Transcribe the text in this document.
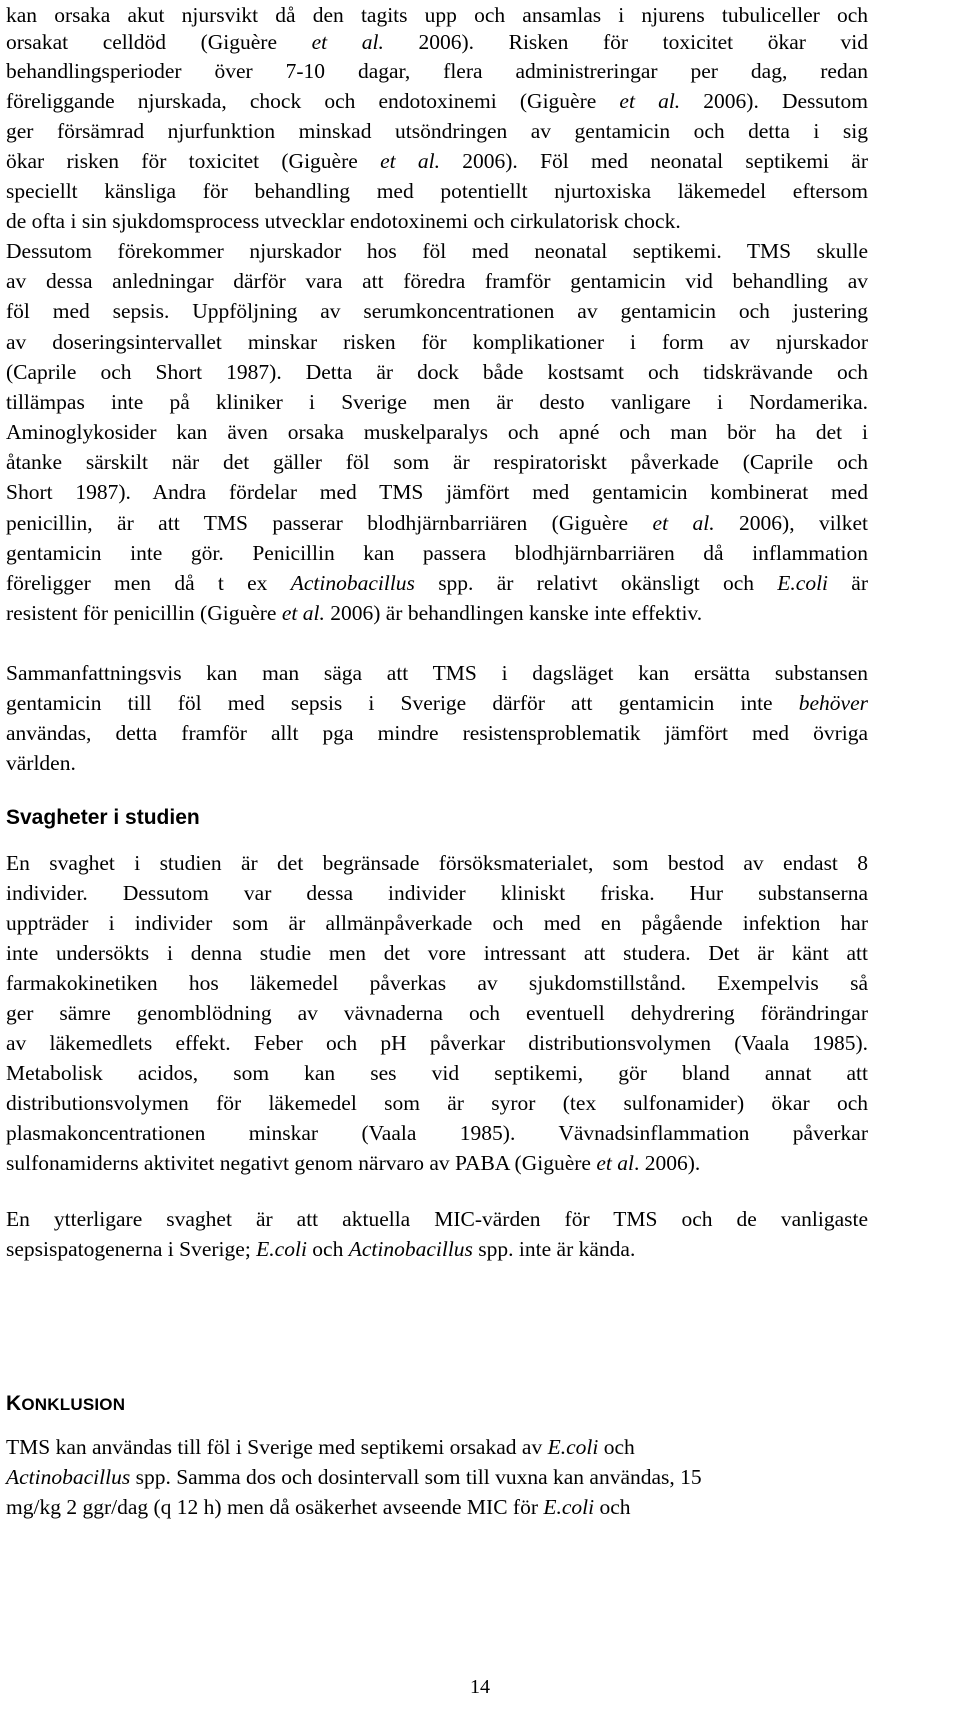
kan orsaka akut njursvikt då den tagits upp och ansamlas i njurens tubuliceller och

orsakat celldöd (Giguère et al. 2006). Risken för toxicitet ökar vid

behandlingsperioder över 7-10 dagar, flera administreringar per dag, redan

föreliggande njurskada, chock och endotoxinemi (Giguère et al. 2006). Dessutom

ger försämrad njurfunktion minskad utsöndringen av gentamicin och detta i sig

ökar risken för toxicitet (Giguère et al. 2006). Föl med neonatal septikemi är

speciellt känsliga för behandling med potentiellt njurtoxiska läkemedel eftersom

de ofta i sin sjukdomsprocess utvecklar endotoxinemi och cirkulatorisk chock.

Dessutom förekommer njurskador hos föl med neonatal septikemi. TMS skulle

av dessa anledningar därför vara att föredra framför gentamicin vid behandling av

föl med sepsis. Uppföljning av serumkoncentrationen av gentamicin och justering

av doseringsintervallet minskar risken för komplikationer i form av njurskador

(Caprile och Short 1987). Detta är dock både kostsamt och tidskrävande och

tillämpas inte på kliniker i Sverige men är desto vanligare i Nordamerika.

Aminoglykosider kan även orsaka muskelparalys och apné och man bör ha det i

åtanke särskilt när det gäller föl som är respiratoriskt påverkade (Caprile och

Short 1987). Andra fördelar med TMS jämfört med gentamicin kombinerat med

penicillin, är att TMS passerar blodhjärnbarriären (Giguère et al. 2006), vilket

gentamicin inte gör. Penicillin kan passera blodhjärnbarriären då inflammation

föreligger men då t ex Actinobacillus spp. är relativt okänsligt och E.coli är

resistent för penicillin (Giguère et al. 2006) är behandlingen kanske inte effektiv.

Sammanfattningsvis kan man säga att TMS i dagsläget kan ersätta substansen

gentamicin till föl med sepsis i Sverige därför att gentamicin inte behöver

användas, detta framför allt pga mindre resistensproblematik jämfört med övriga

världen.

Svagheter i studien

En svaghet i studien är det begränsade försöksmaterialet, som bestod av endast 8

individer. Dessutom var dessa individer kliniskt friska. Hur substanserna

uppträder i individer som är allmänpåverkade och med en pågående infektion har

inte undersökts i denna studie men det vore intressant att studera. Det är känt att

farmakokinetiken hos läkemedel påverkas av sjukdomstillstånd. Exempelvis så

ger sämre genomblödning av vävnaderna och eventuell dehydrering förändringar

av läkemedlets effekt. Feber och pH påverkar distributionsvolymen (Vaala 1985).

Metabolisk acidos, som kan ses vid septikemi, gör bland annat att

distributionsvolymen för läkemedel som är syror (tex sulfonamider) ökar och

plasmakoncentrationen minskar (Vaala 1985). Vävnadsinflammation påverkar

sulfonamiderns aktivitet negativt genom närvaro av PABA (Giguère et al. 2006).

En ytterligare svaghet är att aktuella MIC-värden för TMS och de vanligaste

sepsispatogenerna i Sverige; E.coli och Actinobacillus spp. inte är kända.

KONKLUSION

TMS kan användas till föl i Sverige med septikemi orsakad av E.coli och

Actinobacillus spp. Samma dos och dosintervall som till vuxna kan användas, 15

mg/kg 2 ggr/dag (q 12 h) men då osäkerhet avseende MIC för E.coli och

14
